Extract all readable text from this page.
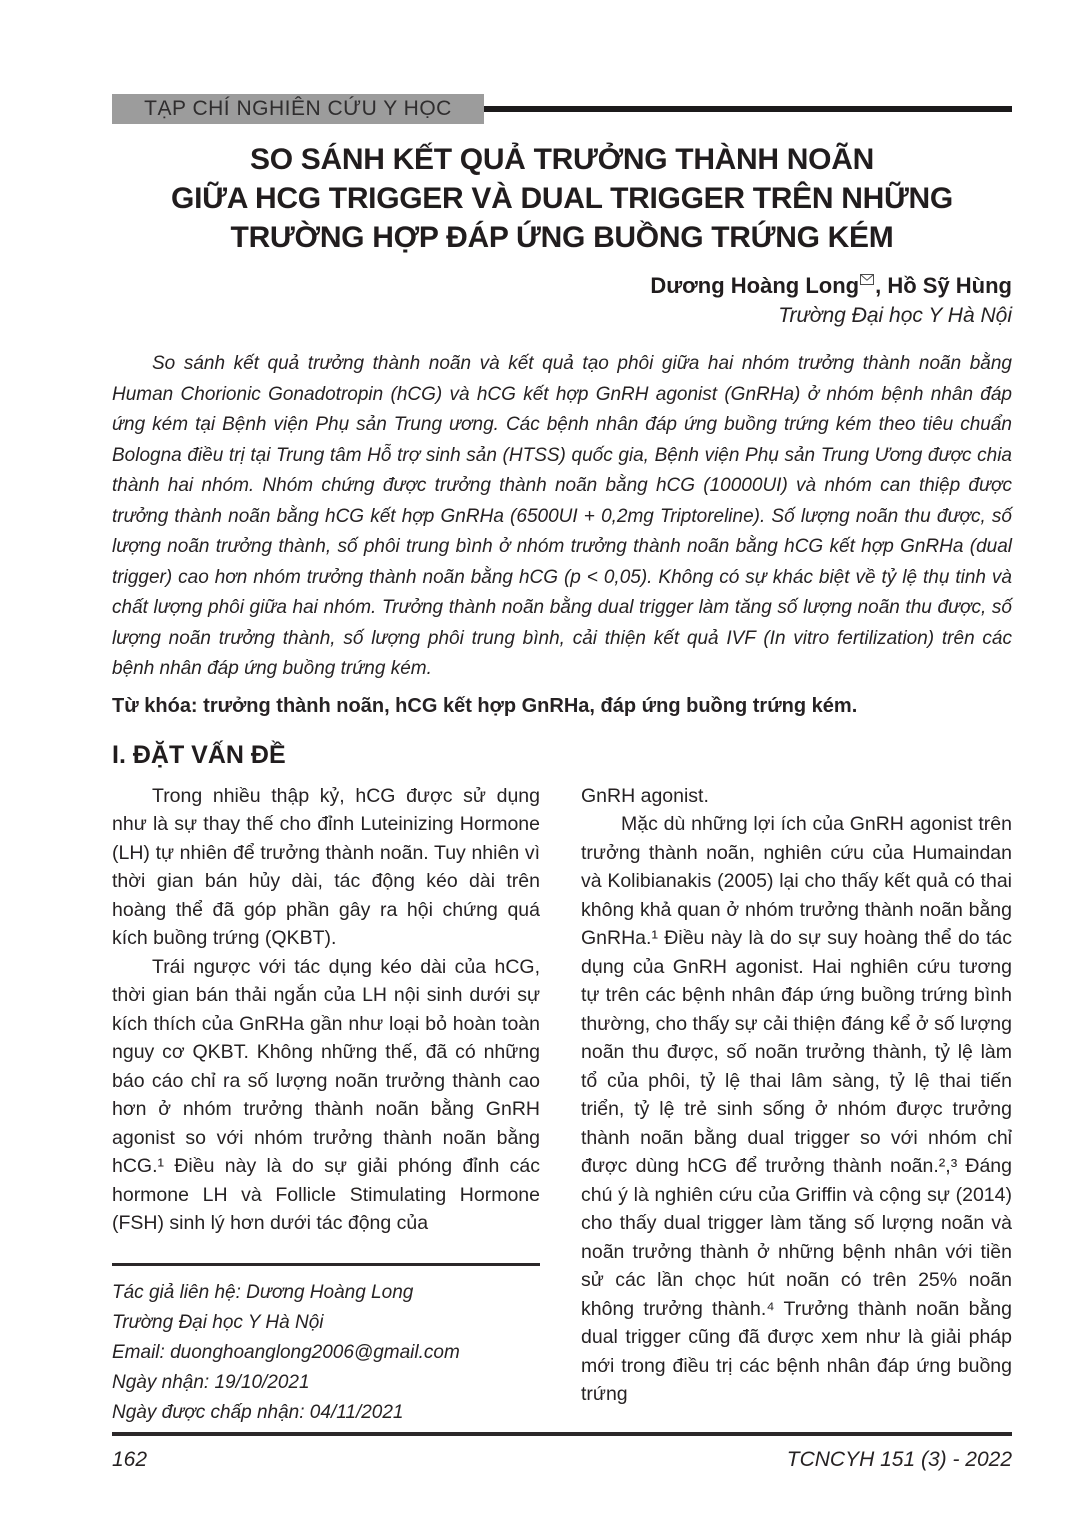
TẠP CHÍ NGHIÊN CỨU Y HỌC
SO SÁNH KẾT QUẢ TRƯỞNG THÀNH NOÃN
GIỮA HCG TRIGGER VÀ DUAL TRIGGER TRÊN NHỮNG
TRƯỜNG HỢP ĐÁP ỨNG BUỒNG TRỨNG KÉM
Dương Hoàng Long , Hồ Sỹ Hùng
Trường Đại học Y Hà Nội

So sánh kết quả trưởng thành noãn và kết quả tạo phôi giữa hai nhóm trưởng thành noãn bằng Human Chorionic Gonadotropin (hCG) và hCG kết hợp GnRH agonist (GnRHa) ở nhóm bệnh nhân đáp ứng kém tại Bệnh viện Phụ sản Trung ương. Các bệnh nhân đáp ứng buồng trứng kém theo tiêu chuẩn Bologna điều trị tại Trung tâm Hỗ trợ sinh sản (HTSS) quốc gia, Bệnh viện Phụ sản Trung Ương được chia thành hai nhóm. Nhóm chứng được trưởng thành noãn bằng hCG (10000UI) và nhóm can thiệp được trưởng thành noãn bằng hCG kết hợp GnRHa (6500UI + 0,2mg Triptoreline). Số lượng noãn thu được, số lượng noãn trưởng thành, số phôi trung bình ở nhóm trưởng thành noãn bằng hCG kết hợp GnRHa (dual trigger) cao hơn nhóm trưởng thành noãn bằng hCG (p < 0,05). Không có sự khác biệt về tỷ lệ thụ tinh và chất lượng phôi giữa hai nhóm. Trưởng thành noãn bằng dual trigger làm tăng số lượng noãn thu được, số lượng noãn trưởng thành, số lượng phôi trung bình, cải thiện kết quả IVF (In vitro fertilization) trên các bệnh nhân đáp ứng buồng trứng kém.

Từ khóa: trưởng thành noãn, hCG kết hợp GnRHa, đáp ứng buồng trứng kém.

I. ĐẶT VẤN ĐỀ

Trong nhiều thập kỷ, hCG được sử dụng như là sự thay thế cho đỉnh Luteinizing Hormone (LH) tự nhiên để trưởng thành noãn. Tuy nhiên vì thời gian bán hủy dài, tác động kéo dài trên hoàng thể đã góp phần gây ra hội chứng quá kích buồng trứng (QKBT).

Trái ngược với tác dụng kéo dài của hCG, thời gian bán thải ngắn của LH nội sinh dưới sự kích thích của GnRHa gần như loại bỏ hoàn toàn nguy cơ QKBT. Không những thế, đã có những báo cáo chỉ ra số lượng noãn trưởng thành cao hơn ở nhóm trưởng thành noãn bằng GnRH agonist so với nhóm trưởng thành noãn bằng hCG.¹ Điều này là do sự giải phóng đỉnh các hormone LH và Follicle Stimulating Hormone (FSH) sinh lý hơn dưới tác động của

Tác giả liên hệ: Dương Hoàng Long
Trường Đại học Y Hà Nội
Email: duonghoanglong2006@gmail.com
Ngày nhận: 19/10/2021
Ngày được chấp nhận: 04/11/2021

GnRH agonist.

Mặc dù những lợi ích của GnRH agonist trên trưởng thành noãn, nghiên cứu của Humaindan và Kolibianakis (2005) lại cho thấy kết quả có thai không khả quan ở nhóm trưởng thành noãn bằng GnRHa.¹ Điều này là do sự suy hoàng thể do tác dụng của GnRH agonist. Hai nghiên cứu tương tự trên các bệnh nhân đáp ứng buồng trứng bình thường, cho thấy sự cải thiện đáng kể ở số lượng noãn thu được, số noãn trưởng thành, tỷ lệ làm tổ của phôi, tỷ lệ thai lâm sàng, tỷ lệ thai tiến triển, tỷ lệ trẻ sinh sống ở nhóm được trưởng thành noãn bằng dual trigger so với nhóm chỉ được dùng hCG để trưởng thành noãn.²,³ Đáng chú ý là nghiên cứu của Griffin và cộng sự (2014) cho thấy dual trigger làm tăng số lượng noãn và noãn trưởng thành ở những bệnh nhân với tiền sử các lần chọc hút noãn có trên 25% noãn không trưởng thành.⁴ Trưởng thành noãn bằng dual trigger cũng đã được xem như là giải pháp mới trong điều trị các bệnh nhân đáp ứng buồng trứng

162	TCNCYH 151 (3) - 2022
